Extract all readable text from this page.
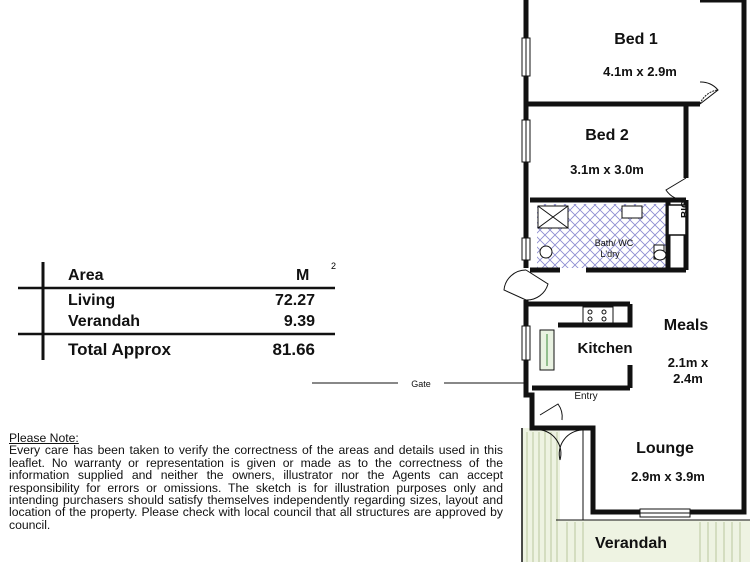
Area	M
2
Living	72.27
Verandah	9.39
Total Approx	81.66
Gate
BIC
Bed 1
4.1m x 2.9m
Bed 2
3.1m x 3.0m
Bath/ WC
L'dry
Kitchen
Meals
2.1m x
2.4m
Entry
Lounge
2.9m x 3.9m
Verandah

Please Note:
Every care has been taken to verify the correctness of the areas and details used in this leaflet. No warranty or representation is given or made as to the correctness of the information supplied and neither the owners, illustrator nor the Agents can accept responsibility for errors or omissions. The sketch is for illustration purposes only and intending purchasers should satisfy themselves independently regarding sizes, layout and location of the property. Please check with local council that all structures are approved by council.
